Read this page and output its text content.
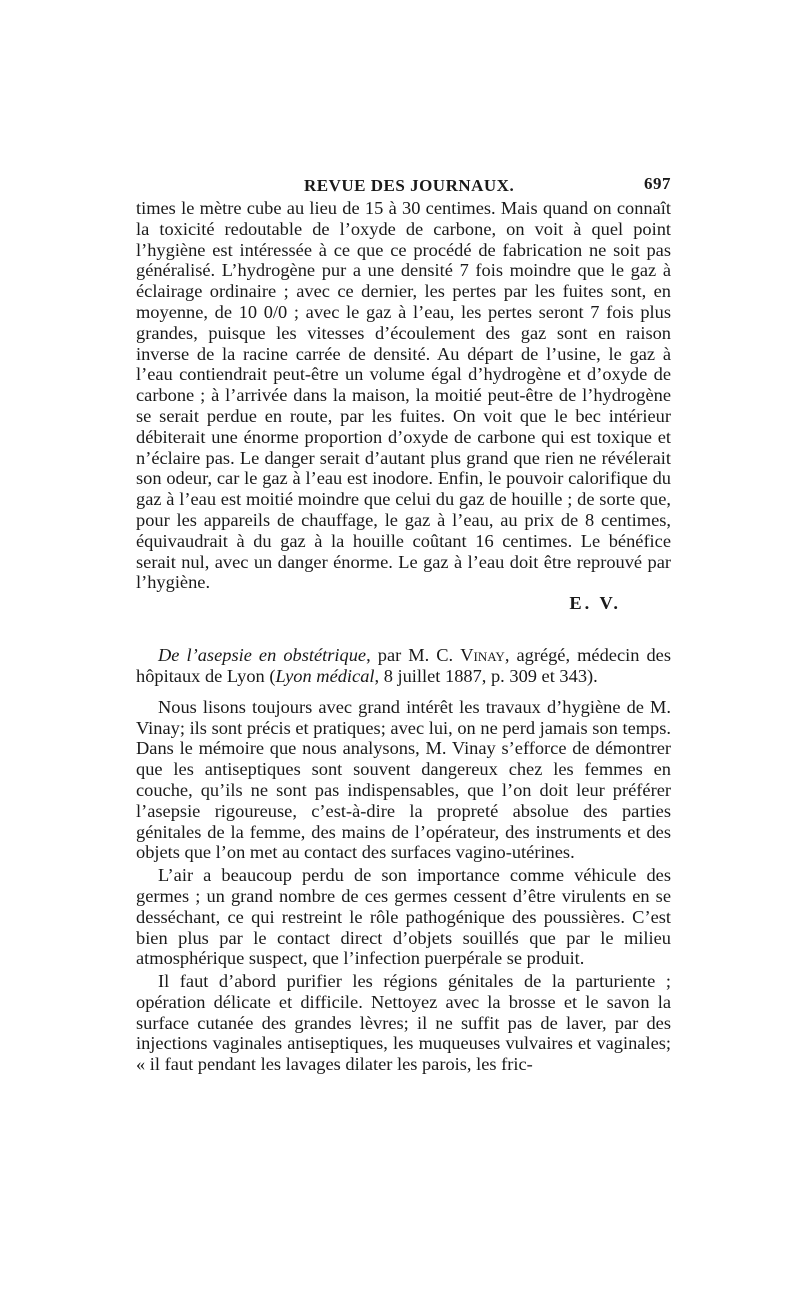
REVUE DES JOURNAUX.	697

times le mètre cube au lieu de 15 à 30 centimes. Mais quand on connaît la toxicité redoutable de l’oxyde de carbone, on voit à quel point l’hygiène est intéressée à ce que ce procédé de fabrication ne soit pas généralisé. L’hydrogène pur a une densité 7 fois moindre que le gaz à éclairage ordinaire ; avec ce dernier, les pertes par les fuites sont, en moyenne, de 10 0/0 ; avec le gaz à l’eau, les pertes seront 7 fois plus grandes, puisque les vitesses d’écoulement des gaz sont en raison inverse de la racine carrée de densité. Au départ de l’usine, le gaz à l’eau contiendrait peut-être un volume égal d’hydrogène et d’oxyde de carbone ; à l’arrivée dans la maison, la moitié peut-être de l’hydrogène se serait perdue en route, par les fuites. On voit que le bec intérieur débiterait une énorme proportion d’oxyde de carbone qui est toxique et n’éclaire pas. Le danger serait d’autant plus grand que rien ne révélerait son odeur, car le gaz à l’eau est inodore. Enfin, le pouvoir calorifique du gaz à l’eau est moitié moindre que celui du gaz de houille ; de sorte que, pour les appareils de chauffage, le gaz à l’eau, au prix de 8 centimes, équivaudrait à du gaz à la houille coûtant 16 centimes. Le bénéfice serait nul, avec un danger énorme. Le gaz à l’eau doit être reprouvé par l’hygiène.

E. V.

De l’asepsie en obstétrique, par M. C. Vinay, agrégé, médecin des hôpitaux de Lyon (Lyon médical, 8 juillet 1887, p. 309 et 343).

Nous lisons toujours avec grand intérêt les travaux d’hygiène de M. Vinay; ils sont précis et pratiques; avec lui, on ne perd jamais son temps. Dans le mémoire que nous analysons, M. Vinay s’efforce de démontrer que les antiseptiques sont souvent dangereux chez les femmes en couche, qu’ils ne sont pas indispensables, que l’on doit leur préférer l’asepsie rigoureuse, c’est-à-dire la propreté absolue des parties génitales de la femme, des mains de l’opérateur, des instruments et des objets que l’on met au contact des surfaces vagino-utérines.

L’air a beaucoup perdu de son importance comme véhicule des germes ; un grand nombre de ces germes cessent d’être virulents en se desséchant, ce qui restreint le rôle pathogénique des poussières. C’est bien plus par le contact direct d’objets souillés que par le milieu atmosphérique suspect, que l’infection puerpérale se produit.

Il faut d’abord purifier les régions génitales de la parturiente ; opération délicate et difficile. Nettoyez avec la brosse et le savon la surface cutanée des grandes lèvres; il ne suffit pas de laver, par des injections vaginales antiseptiques, les muqueuses vulvaires et vaginales; « il faut pendant les lavages dilater les parois, les fric-
